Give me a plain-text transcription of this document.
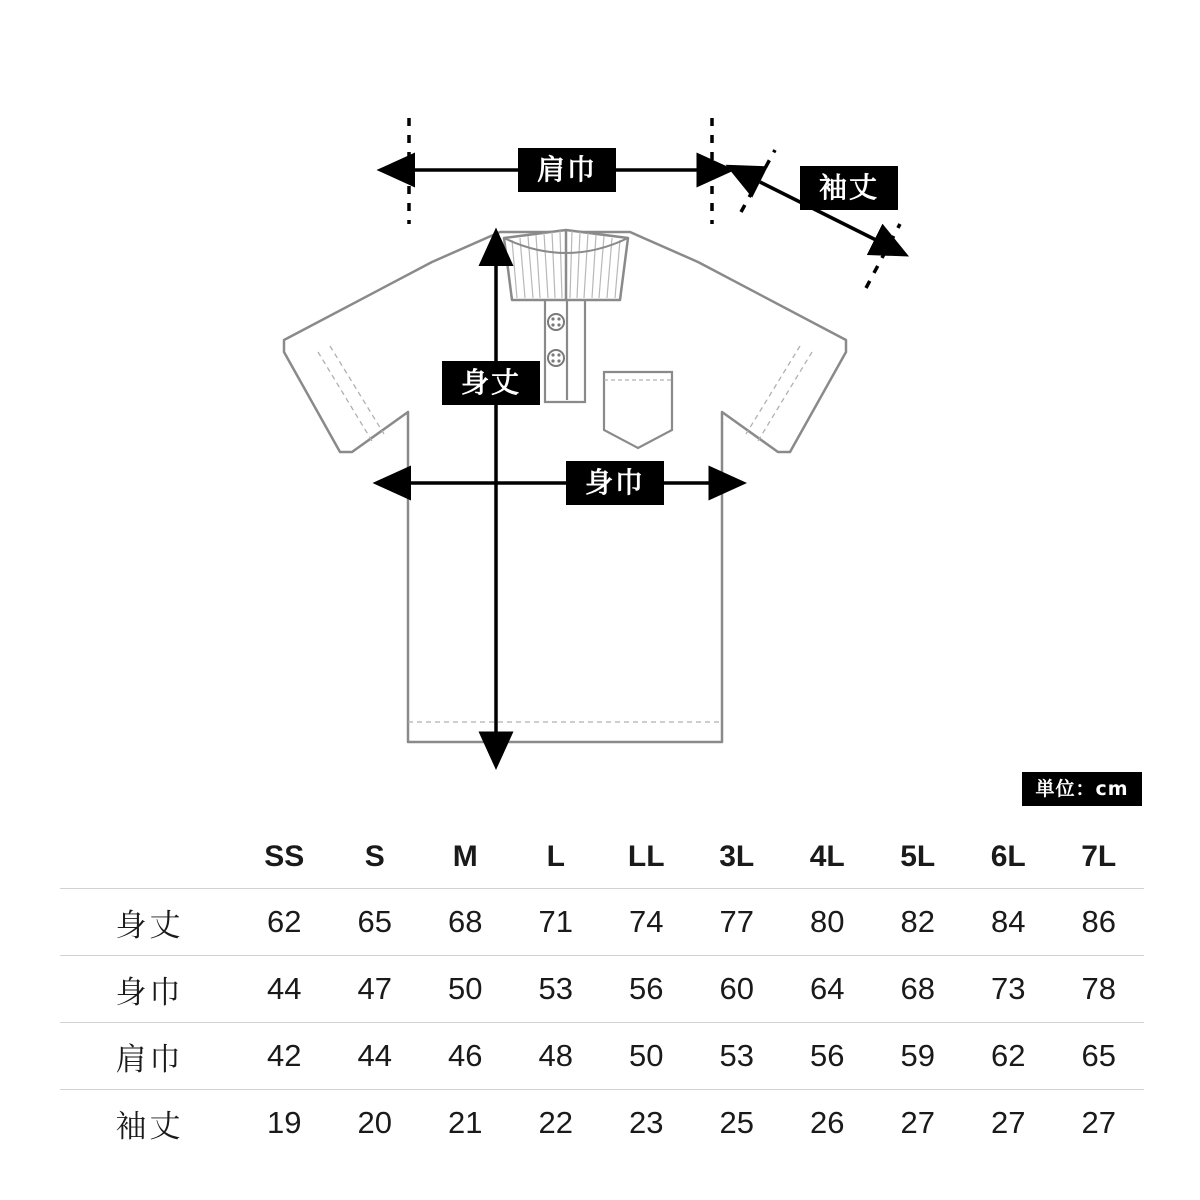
肩巾
袖丈
身丈
身巾
単位：cm
	SS	S	M	L	LL	3L	4L	5L	6L	7L
身丈	62	65	68	71	74	77	80	82	84	86
身巾	44	47	50	53	56	60	64	68	73	78
肩巾	42	44	46	48	50	53	56	59	62	65
袖丈	19	20	21	22	23	25	26	27	27	27
